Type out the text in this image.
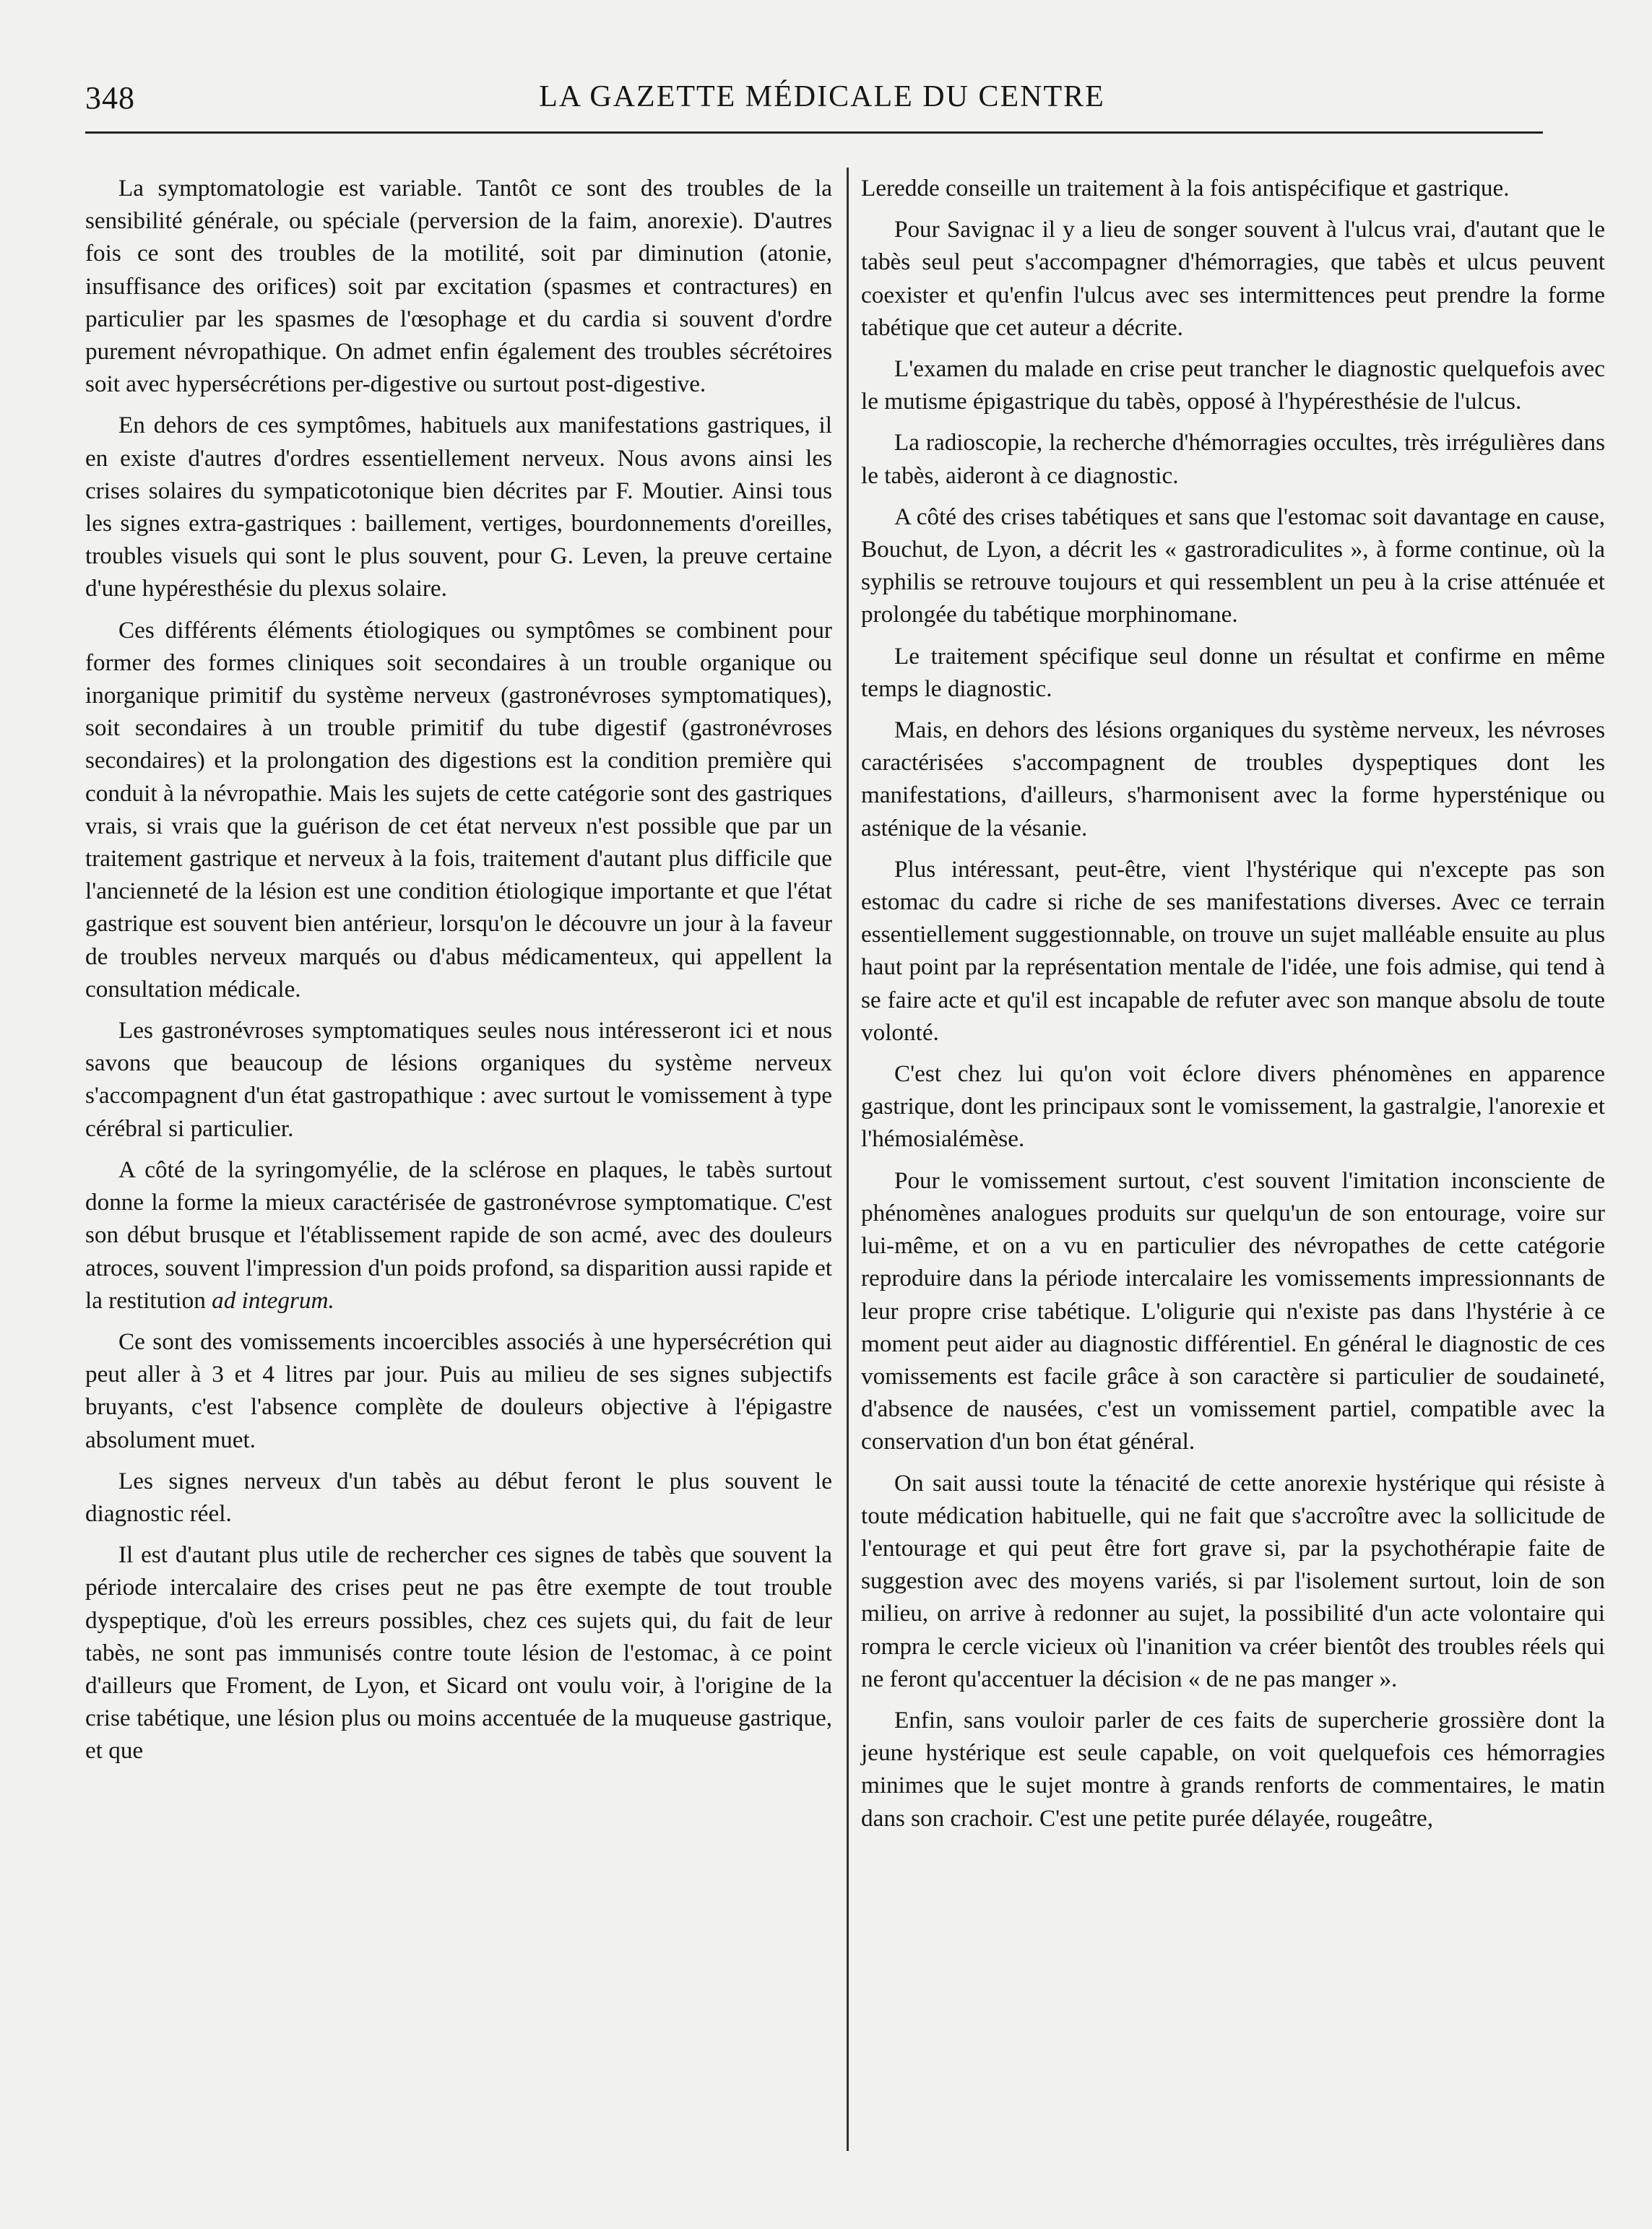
348	LA GAZETTE MÉDICALE DU CENTRE

La symptomatologie est variable. Tantôt ce sont des troubles de la sensibilité générale, ou spéciale (perversion de la faim, anorexie). D'autres fois ce sont des troubles de la motilité, soit par diminution (atonie, insuffisance des orifices) soit par excitation (spasmes et contractures) en particulier par les spasmes de l'œsophage et du cardia si souvent d'ordre purement névropathique. On admet enfin également des troubles sécrétoires soit avec hypersécrétions per-digestive ou surtout post-digestive.

En dehors de ces symptômes, habituels aux manifestations gastriques, il en existe d'autres d'ordres essentiellement nerveux. Nous avons ainsi les crises solaires du sympaticotonique bien décrites par F. Moutier. Ainsi tous les signes extra-gastriques : baillement, vertiges, bourdonnements d'oreilles, troubles visuels qui sont le plus souvent, pour G. Leven, la preuve certaine d'une hypéresthésie du plexus solaire.

Ces différents éléments étiologiques ou symptômes se combinent pour former des formes cliniques soit secondaires à un trouble organique ou inorganique primitif du système nerveux (gastronévroses symptomatiques), soit secondaires à un trouble primitif du tube digestif (gastronévroses secondaires) et la prolongation des digestions est la condition première qui conduit à la névropathie. Mais les sujets de cette catégorie sont des gastriques vrais, si vrais que la guérison de cet état nerveux n'est possible que par un traitement gastrique et nerveux à la fois, traitement d'autant plus difficile que l'ancienneté de la lésion est une condition étiologique importante et que l'état gastrique est souvent bien antérieur, lorsqu'on le découvre un jour à la faveur de troubles nerveux marqués ou d'abus médicamenteux, qui appellent la consultation médicale.

Les gastronévroses symptomatiques seules nous intéresseront ici et nous savons que beaucoup de lésions organiques du système nerveux s'accompagnent d'un état gastropathique : avec surtout le vomissement à type cérébral si particulier.

A côté de la syringomyélie, de la sclérose en plaques, le tabès surtout donne la forme la mieux caractérisée de gastronévrose symptomatique. C'est son début brusque et l'établissement rapide de son acmé, avec des douleurs atroces, souvent l'impression d'un poids profond, sa disparition aussi rapide et la restitution ad integrum.

Ce sont des vomissements incoercibles associés à une hypersécrétion qui peut aller à 3 et 4 litres par jour. Puis au milieu de ses signes subjectifs bruyants, c'est l'absence complète de douleurs objective à l'épigastre absolument muet.

Les signes nerveux d'un tabès au début feront le plus souvent le diagnostic réel.

Il est d'autant plus utile de rechercher ces signes de tabès que souvent la période intercalaire des crises peut ne pas être exempte de tout trouble dyspeptique, d'où les erreurs possibles, chez ces sujets qui, du fait de leur tabès, ne sont pas immunisés contre toute lésion de l'estomac, à ce point d'ailleurs que Froment, de Lyon, et Sicard ont voulu voir, à l'origine de la crise tabétique, une lésion plus ou moins accentuée de la muqueuse gastrique, et que

Leredde conseille un traitement à la fois antispécifique et gastrique.

Pour Savignac il y a lieu de songer souvent à l'ulcus vrai, d'autant que le tabès seul peut s'accompagner d'hémorragies, que tabès et ulcus peuvent coexister et qu'enfin l'ulcus avec ses intermittences peut prendre la forme tabétique que cet auteur a décrite.

L'examen du malade en crise peut trancher le diagnostic quelquefois avec le mutisme épigastrique du tabès, opposé à l'hypéresthésie de l'ulcus.

La radioscopie, la recherche d'hémorragies occultes, très irrégulières dans le tabès, aideront à ce diagnostic.

A côté des crises tabétiques et sans que l'estomac soit davantage en cause, Bouchut, de Lyon, a décrit les « gastroradiculites », à forme continue, où la syphilis se retrouve toujours et qui ressemblent un peu à la crise atténuée et prolongée du tabétique morphinomane.

Le traitement spécifique seul donne un résultat et confirme en même temps le diagnostic.

Mais, en dehors des lésions organiques du système nerveux, les névroses caractérisées s'accompagnent de troubles dyspeptiques dont les manifestations, d'ailleurs, s'harmonisent avec la forme hypersténique ou asténique de la vésanie.

Plus intéressant, peut-être, vient l'hystérique qui n'excepte pas son estomac du cadre si riche de ses manifestations diverses. Avec ce terrain essentiellement suggestionnable, on trouve un sujet malléable ensuite au plus haut point par la représentation mentale de l'idée, une fois admise, qui tend à se faire acte et qu'il est incapable de refuter avec son manque absolu de toute volonté.

C'est chez lui qu'on voit éclore divers phénomènes en apparence gastrique, dont les principaux sont le vomissement, la gastralgie, l'anorexie et l'hémosialémèse.

Pour le vomissement surtout, c'est souvent l'imitation inconsciente de phénomènes analogues produits sur quelqu'un de son entourage, voire sur lui-même, et on a vu en particulier des névropathes de cette catégorie reproduire dans la période intercalaire les vomissements impressionnants de leur propre crise tabétique. L'oligurie qui n'existe pas dans l'hystérie à ce moment peut aider au diagnostic différentiel. En général le diagnostic de ces vomissements est facile grâce à son caractère si particulier de soudaineté, d'absence de nausées, c'est un vomissement partiel, compatible avec la conservation d'un bon état général.

On sait aussi toute la ténacité de cette anorexie hystérique qui résiste à toute médication habituelle, qui ne fait que s'accroître avec la sollicitude de l'entourage et qui peut être fort grave si, par la psychothérapie faite de suggestion avec des moyens variés, si par l'isolement surtout, loin de son milieu, on arrive à redonner au sujet, la possibilité d'un acte volontaire qui rompra le cercle vicieux où l'inanition va créer bientôt des troubles réels qui ne feront qu'accentuer la décision « de ne pas manger ».

Enfin, sans vouloir parler de ces faits de supercherie grossière dont la jeune hystérique est seule capable, on voit quelquefois ces hémorragies minimes que le sujet montre à grands renforts de commentaires, le matin dans son crachoir. C'est une petite purée délayée, rougeâtre,
